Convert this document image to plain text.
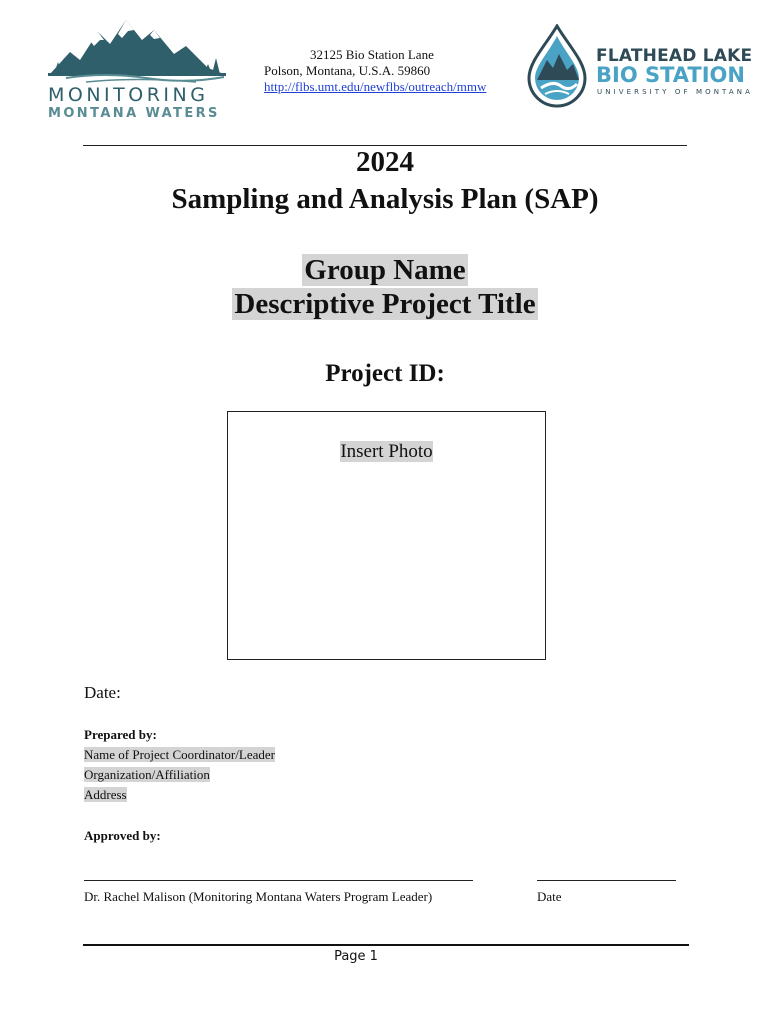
MONITORING
MONTANA WATERS
32125 Bio Station Lane
Polson, Montana, U.S.A. 59860
http://flbs.umt.edu/newflbs/outreach/mmw
FLATHEAD LAKE
BIO STATION
UNIVERSITY OF MONTANA
2024
Sampling and Analysis Plan (SAP)
Group Name
Descriptive Project Title
Project ID:
Insert Photo
Date:
Prepared by:
Name of Project Coordinator/Leader
Organization/Affiliation
Address
Approved by:
Dr. Rachel Malison (Monitoring Montana Waters Program Leader)	Date
Page 1
